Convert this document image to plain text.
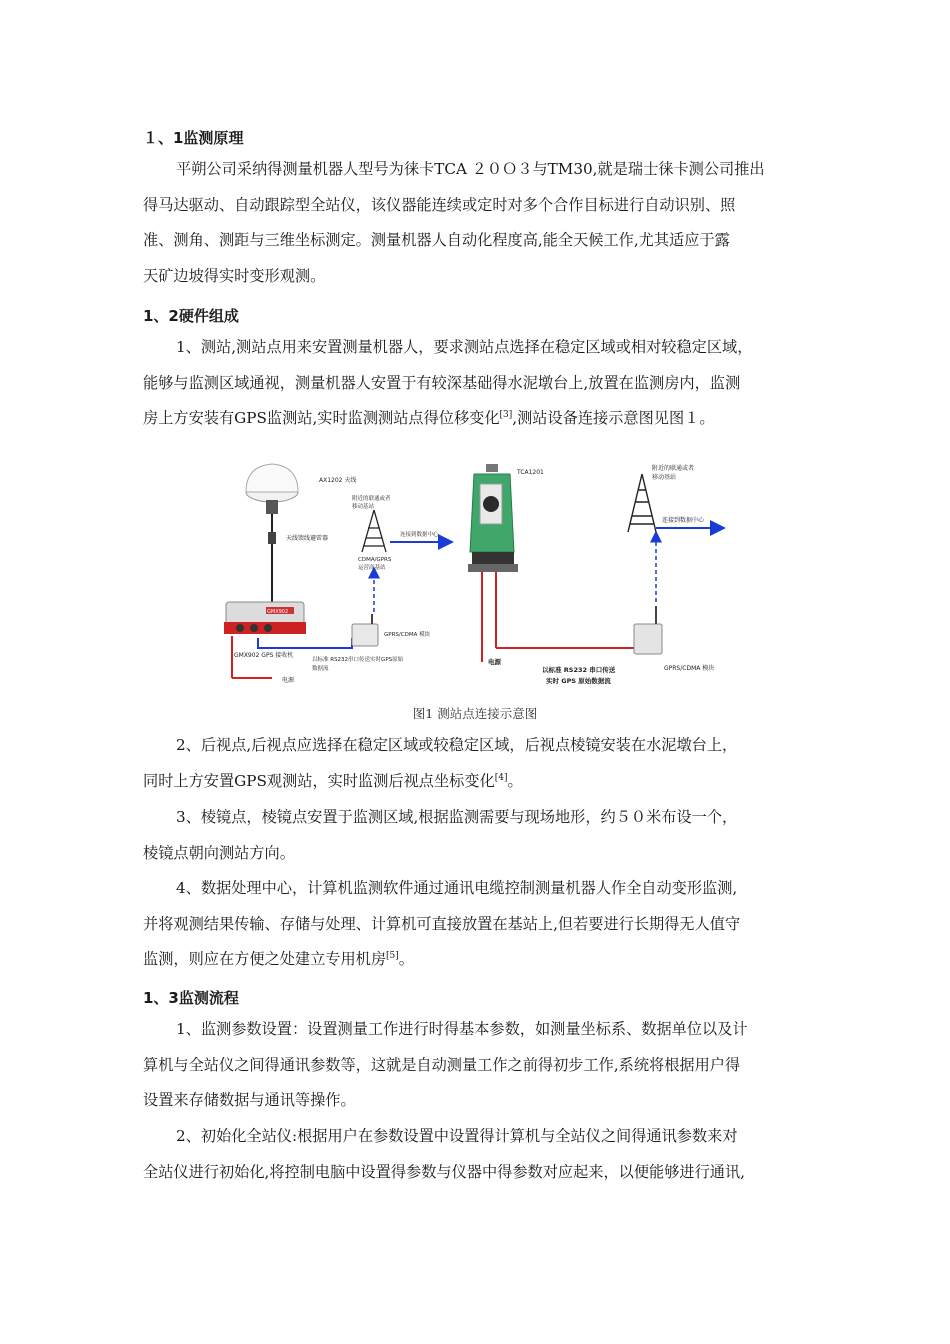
１、1监测原理

平朔公司采纳得测量机器人型号为徕卡TCA ２０Ｏ３与TM30,就是瑞士徕卡测公司推出
得马达驱动、自动跟踪型全站仪，该仪器能连续或定时对多个合作目标进行自动识别、照
准、测角、测距与三维坐标测定。测量机器人自动化程度高,能全天候工作,尤其适应于露
天矿边坡得实时变形观测。

1、2硬件组成

1、测站,测站点用来安置测量机器人，要求测站点选择在稳定区域或相对较稳定区域，
能够与监测区域通视，测量机器人安置于有较深基础得水泥墩台上,放置在监测房内，监测
房上方安装有GPS监测站,实时监测测站点得位移变化[3],测站设备连接示意图见图１。

AX1202 天线
天线馈线避雷器
GMX902
GMX902 GPS 接收机
电源
以标准 RS232串口传送实时GPS原始
数据流
GPRS/CDMA 模块
附近的联通或者
移动基站
CDMA/GPRS
运营商基站
连接到数据中心
TCA1201
电源
以标准 RS232 串口传送
实时 GPS 原始数据流
GPRS/CDMA 模块
附近的联通或者
移动基站
连接到数据中心
图1 测站点连接示意图

2、后视点,后视点应选择在稳定区域或较稳定区域，后视点棱镜安装在水泥墩台上，
同时上方安置GPS观测站，实时监测后视点坐标变化[4]。

3、棱镜点，棱镜点安置于监测区域,根据监测需要与现场地形，约５０米布设一个，
棱镜点朝向测站方向。

4、数据处理中心，计算机监测软件通过通讯电缆控制测量机器人作全自动变形监测,
并将观测结果传输、存储与处理、计算机可直接放置在基站上,但若要进行长期得无人值守
监测，则应在方便之处建立专用机房[5]。

1、3监测流程

1、监测参数设置：设置测量工作进行时得基本参数，如测量坐标系、数据单位以及计
算机与全站仪之间得通讯参数等，这就是自动测量工作之前得初步工作,系统将根据用户得
设置来存储数据与通讯等操作。

2、初始化全站仪:根据用户在参数设置中设置得计算机与全站仪之间得通讯参数来对
全站仪进行初始化,将控制电脑中设置得参数与仪器中得参数对应起来，以便能够进行通讯,
